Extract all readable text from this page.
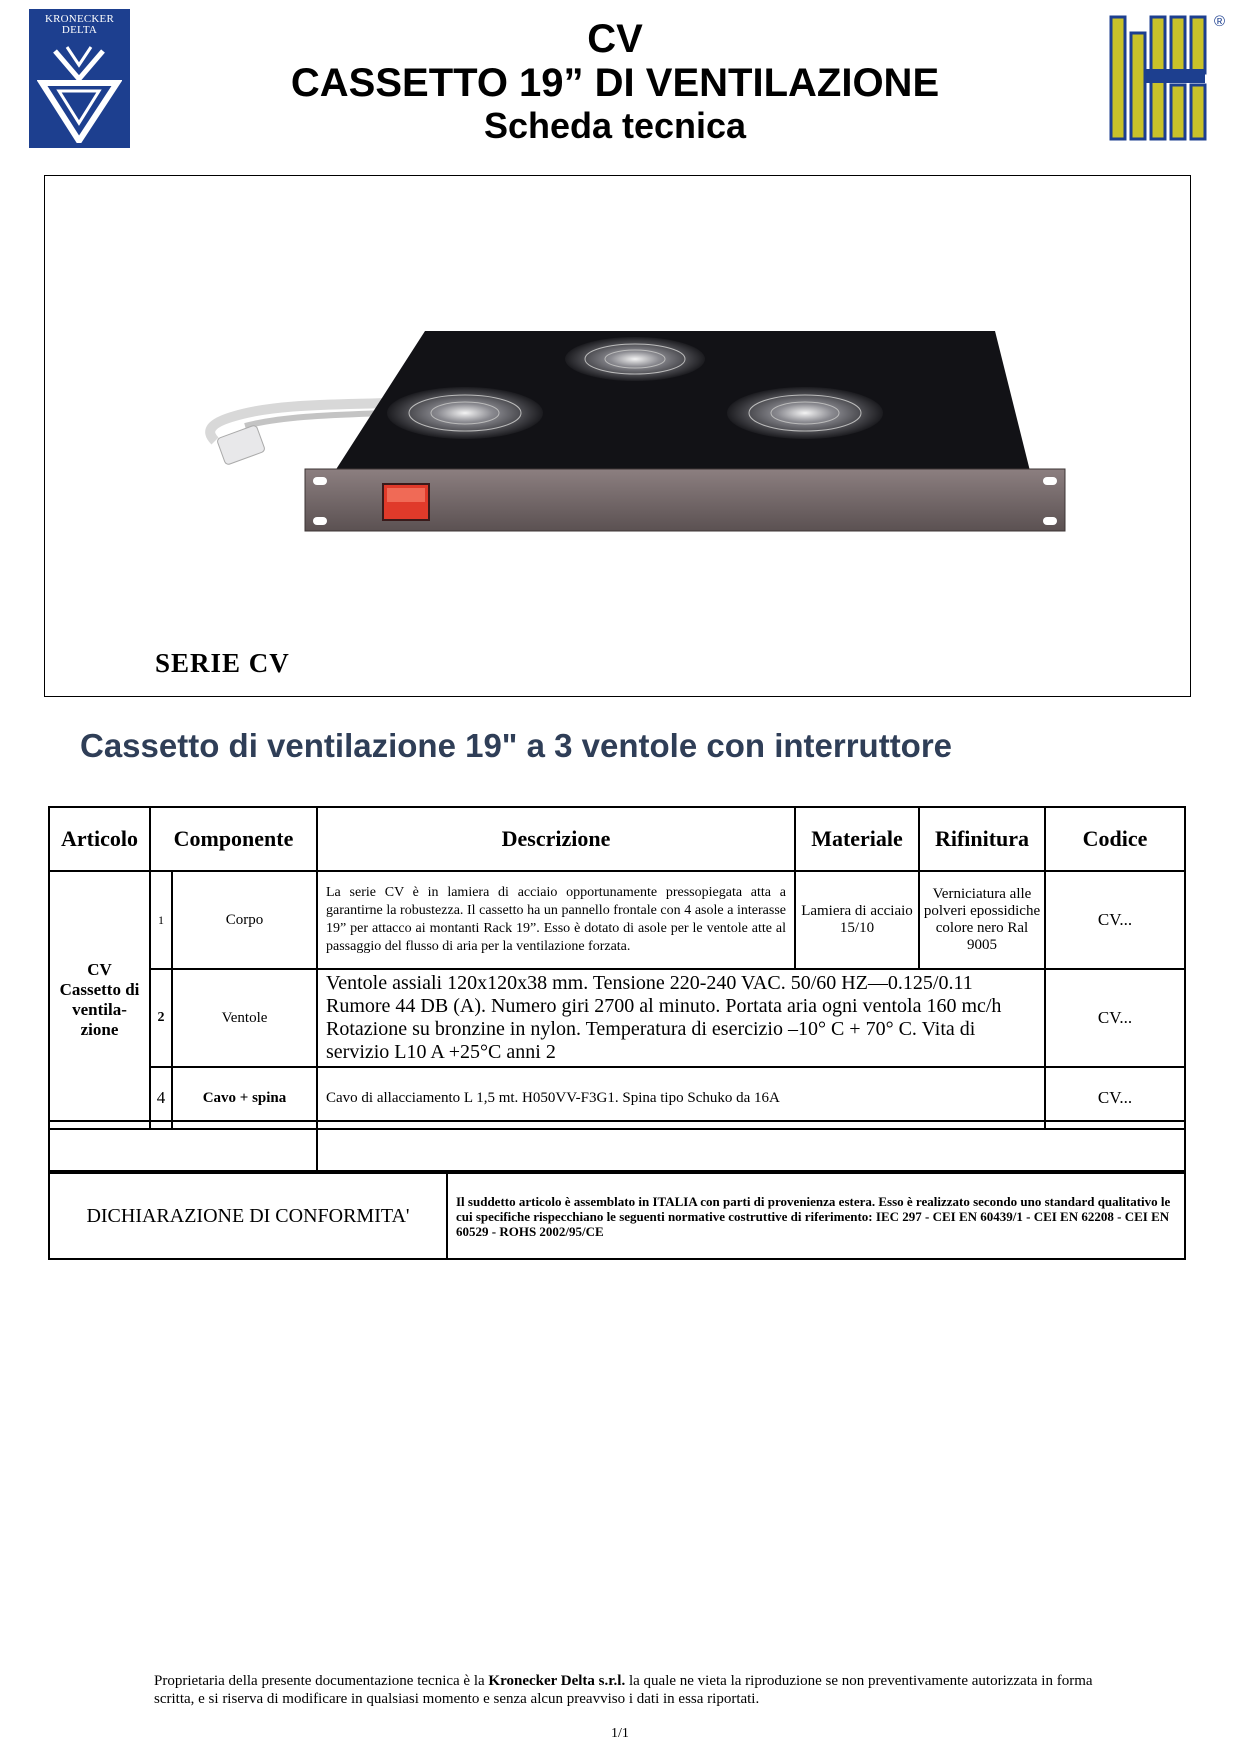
KRONECKER DELTA	CV
CASSETTO 19” DI VENTILAZIONE
Scheda tecnica
®
SERIE CV
Cassetto di ventilazione 19" a 3 ventole con interruttore
Articolo	Componente		Descrizione	Materiale	Rifinitura	Codice
CV Cassetto di ventila-zione	1	Corpo	La serie CV è in lamiera di acciaio opportunamente pressopiegata atta a garantirne la robustezza. Il cassetto ha un pannello frontale con 4 asole a interasse 19” per attacco ai montanti Rack 19”. Esso è dotato di asole per le ventole atte al passaggio del flusso di aria per la ventilazione forzata.	Lamiera di acciaio 15/10	Verniciatura alle polveri epossidiche colore nero Ral 9005	CV...
	2	Ventole	Ventole assiali 120x120x38 mm. Tensione 220-240 VAC. 50/60 HZ—0.125/0.11 Rumore 44 DB (A). Numero giri 2700 al minuto. Portata aria ogni ventola 160 mc/h Rotazione su bronzine in nylon. Temperatura di esercizio –10° C + 70° C. Vita di servizio L10 A +25°C anni 2			CV...
	4	Cavo + spina	Cavo di allacciamento L 1,5 mt. H050VV-F3G1. Spina tipo Schuko da 16A			CV...

DICHIARAZIONE DI CONFORMITA'	Il suddetto articolo è assemblato in ITALIA con parti di provenienza estera. Esso è realizzato secondo uno standard qualitativo le cui specifiche rispecchiano le seguenti normative costruttive di riferimento: IEC 297 - CEI EN 60439/1 - CEI EN 62208 - CEI EN 60529 - ROHS 2002/95/CE
Proprietaria della presente documentazione tecnica è la Kronecker Delta s.r.l. la quale ne vieta la riproduzione se non preventivamente autorizzata in forma scritta, e si riserva di modificare in qualsiasi momento e senza alcun preavviso i dati in essa riportati.
1/1
